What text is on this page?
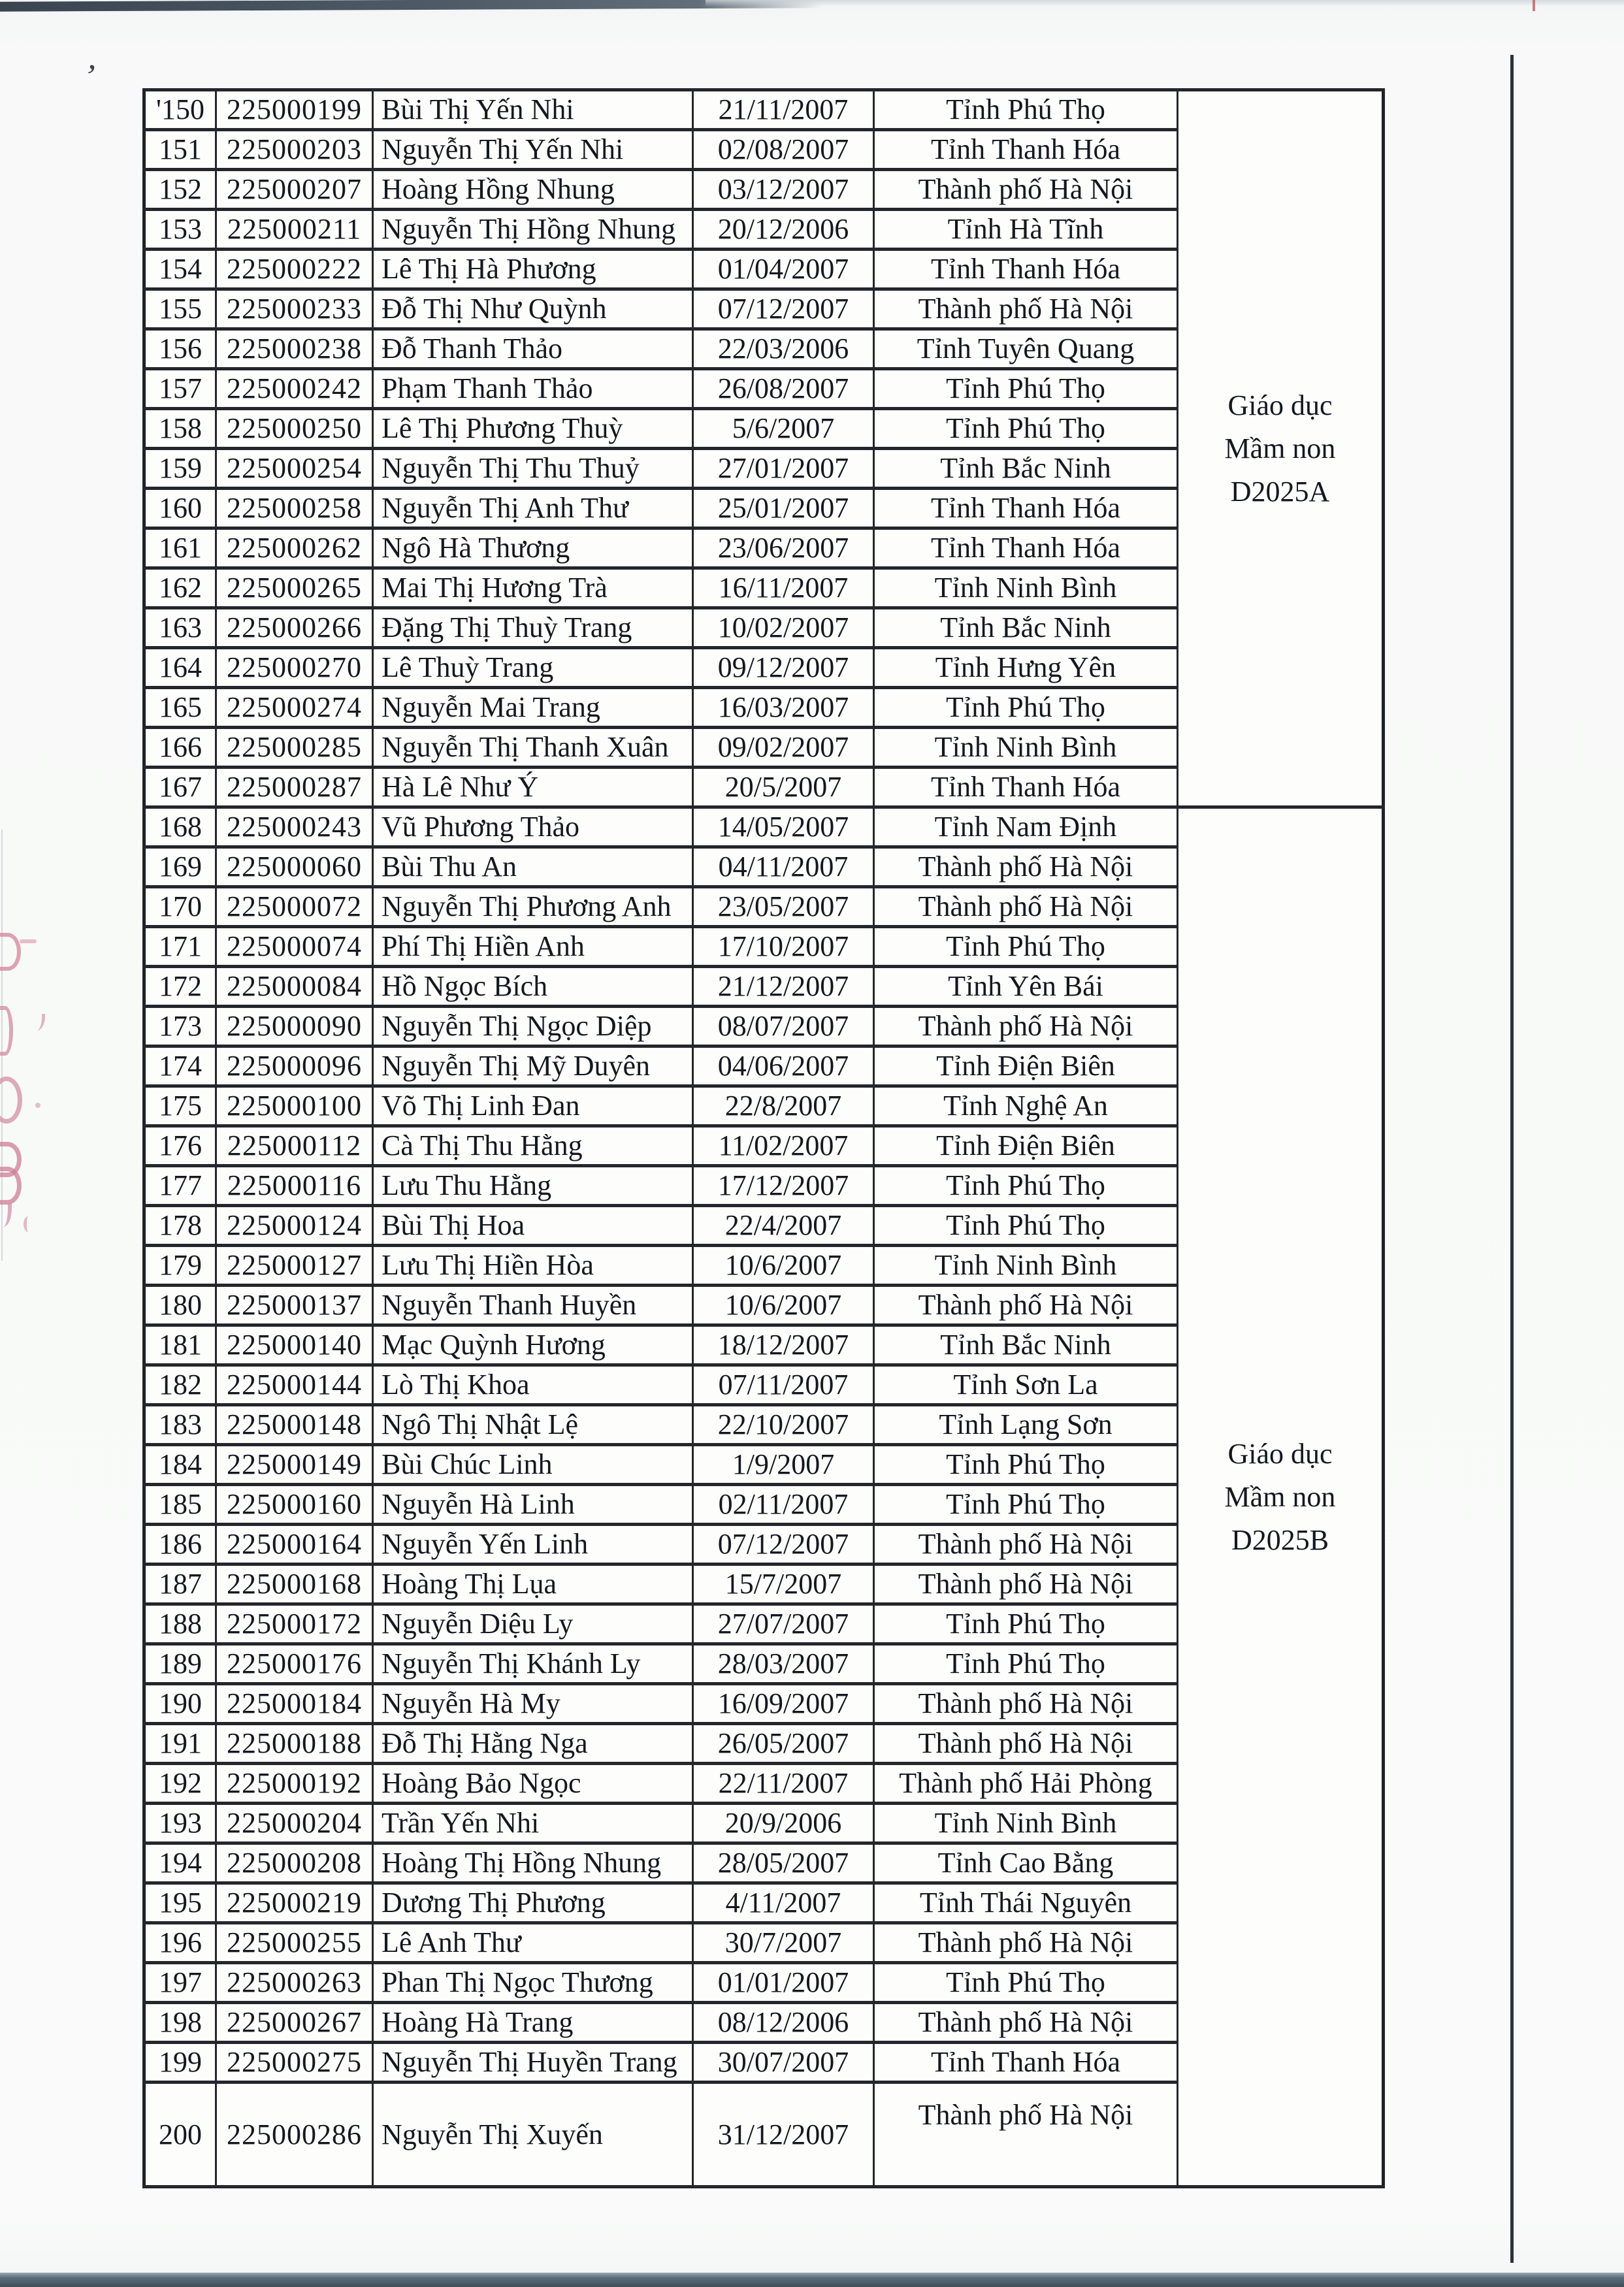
’
'150	225000199	Bùi Thị Yến Nhi	21/11/2007	Tỉnh Phú Thọ	Giáo dục Mầm non D2025A
151	225000203	Nguyễn Thị Yến Nhi	02/08/2007	Tỉnh Thanh Hóa	
152	225000207	Hoàng Hồng Nhung	03/12/2007	Thành phố Hà Nội	
153	225000211	Nguyễn Thị Hồng Nhung	20/12/2006	Tỉnh Hà Tĩnh	
154	225000222	Lê Thị Hà Phương	01/04/2007	Tỉnh Thanh Hóa	
155	225000233	Đỗ Thị Như Quỳnh	07/12/2007	Thành phố Hà Nội	
156	225000238	Đỗ Thanh Thảo	22/03/2006	Tỉnh Tuyên Quang	
157	225000242	Phạm Thanh Thảo	26/08/2007	Tỉnh Phú Thọ	
158	225000250	Lê Thị Phương Thuỳ	5/6/2007	Tỉnh Phú Thọ	
159	225000254	Nguyễn Thị Thu Thuỷ	27/01/2007	Tỉnh Bắc Ninh	
160	225000258	Nguyễn Thị Anh Thư	25/01/2007	Tỉnh Thanh Hóa	
161	225000262	Ngô Hà Thương	23/06/2007	Tỉnh Thanh Hóa	
162	225000265	Mai Thị Hương Trà	16/11/2007	Tỉnh Ninh Bình	
163	225000266	Đặng Thị Thuỳ Trang	10/02/2007	Tỉnh Bắc Ninh	
164	225000270	Lê Thuỳ Trang	09/12/2007	Tỉnh Hưng Yên	
165	225000274	Nguyễn Mai Trang	16/03/2007	Tỉnh Phú Thọ	
166	225000285	Nguyễn Thị Thanh Xuân	09/02/2007	Tỉnh Ninh Bình	
167	225000287	Hà Lê Như Ý	20/5/2007	Tỉnh Thanh Hóa	
168	225000243	Vũ Phương Thảo	14/05/2007	Tỉnh Nam Định	Giáo dục Mầm non D2025B
169	225000060	Bùi Thu An	04/11/2007	Thành phố Hà Nội	
170	225000072	Nguyễn Thị Phương Anh	23/05/2007	Thành phố Hà Nội	
171	225000074	Phí Thị Hiền Anh	17/10/2007	Tỉnh Phú Thọ	
172	225000084	Hồ Ngọc Bích	21/12/2007	Tỉnh Yên Bái	
173	225000090	Nguyễn Thị Ngọc Diệp	08/07/2007	Thành phố Hà Nội	
174	225000096	Nguyễn Thị Mỹ Duyên	04/06/2007	Tỉnh Điện Biên	
175	225000100	Võ Thị Linh Đan	22/8/2007	Tỉnh Nghệ An	
176	225000112	Cà Thị Thu Hằng	11/02/2007	Tỉnh Điện Biên	
177	225000116	Lưu Thu Hằng	17/12/2007	Tỉnh Phú Thọ	
178	225000124	Bùi Thị Hoa	22/4/2007	Tỉnh Phú Thọ	
179	225000127	Lưu Thị Hiền Hòa	10/6/2007	Tỉnh Ninh Bình	
180	225000137	Nguyễn Thanh Huyền	10/6/2007	Thành phố Hà Nội	
181	225000140	Mạc Quỳnh Hương	18/12/2007	Tỉnh Bắc Ninh	
182	225000144	Lò Thị Khoa	07/11/2007	Tỉnh Sơn La	
183	225000148	Ngô Thị Nhật Lệ	22/10/2007	Tỉnh Lạng Sơn	
184	225000149	Bùi Chúc Linh	1/9/2007	Tỉnh Phú Thọ	
185	225000160	Nguyễn Hà Linh	02/11/2007	Tỉnh Phú Thọ	
186	225000164	Nguyễn Yến Linh	07/12/2007	Thành phố Hà Nội	
187	225000168	Hoàng Thị Lụa	15/7/2007	Thành phố Hà Nội	
188	225000172	Nguyễn Diệu Ly	27/07/2007	Tỉnh Phú Thọ	
189	225000176	Nguyễn Thị Khánh Ly	28/03/2007	Tỉnh Phú Thọ	
190	225000184	Nguyễn Hà My	16/09/2007	Thành phố Hà Nội	
191	225000188	Đỗ Thị Hằng Nga	26/05/2007	Thành phố Hà Nội	
192	225000192	Hoàng Bảo Ngọc	22/11/2007	Thành phố Hải Phòng	
193	225000204	Trần Yến Nhi	20/9/2006	Tỉnh Ninh Bình	
194	225000208	Hoàng Thị Hồng Nhung	28/05/2007	Tỉnh Cao Bằng	
195	225000219	Dương Thị Phương	4/11/2007	Tỉnh Thái Nguyên	
196	225000255	Lê Anh Thư	30/7/2007	Thành phố Hà Nội	
197	225000263	Phan Thị Ngọc Thương	01/01/2007	Tỉnh Phú Thọ	
198	225000267	Hoàng Hà Trang	08/12/2006	Thành phố Hà Nội	
199	225000275	Nguyễn Thị Huyền Trang	30/07/2007	Tỉnh Thanh Hóa	
200	225000286	Nguyễn Thị Xuyến	31/12/2007	Thành phố Hà Nội	
